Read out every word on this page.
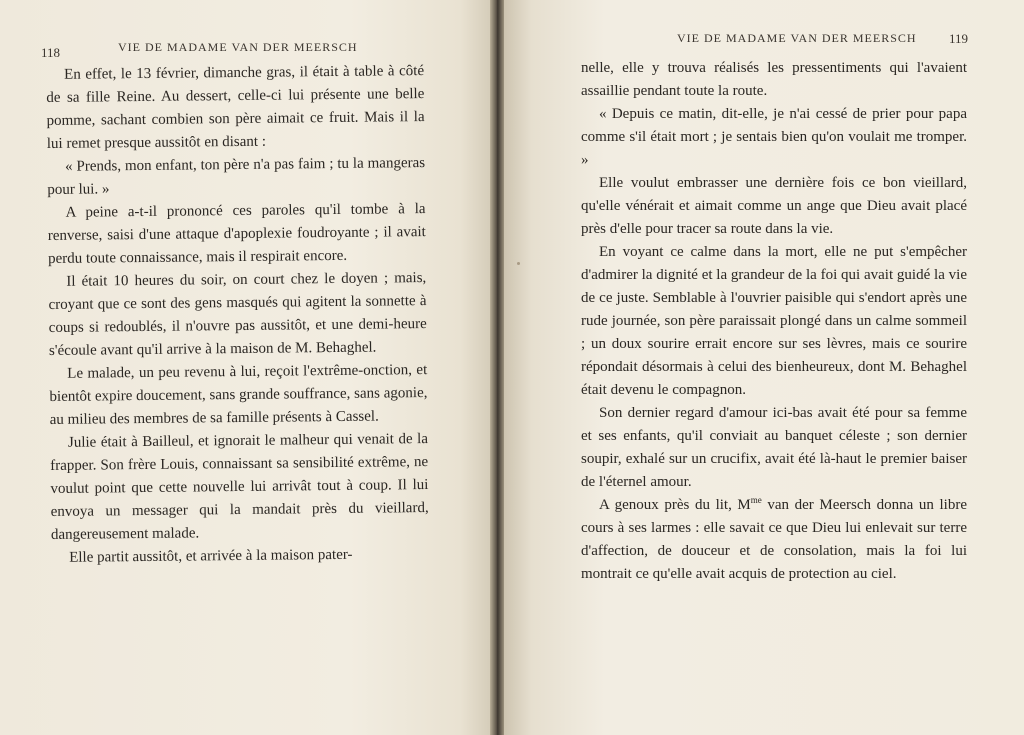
118	VIE DE MADAME VAN DER MEERSCH

En effet, le 13 février, dimanche gras, il était à table à côté de sa fille Reine. Au dessert, celle-ci lui présente une belle pomme, sachant combien son père aimait ce fruit. Mais il la lui remet presque aussitôt en disant :

« Prends, mon enfant, ton père n'a pas faim ; tu la mangeras pour lui. »

A peine a-t-il prononcé ces paroles qu'il tombe à la renverse, saisi d'une attaque d'apoplexie foudroyante ; il avait perdu toute connaissance, mais il respirait encore.

Il était 10 heures du soir, on court chez le doyen ; mais, croyant que ce sont des gens masqués qui agitent la sonnette à coups si redoublés, il n'ouvre pas aussitôt, et une demi-heure s'écoule avant qu'il arrive à la maison de M. Behaghel.

Le malade, un peu revenu à lui, reçoit l'extrême-onction, et bientôt expire doucement, sans grande souffrance, sans agonie, au milieu des membres de sa famille présents à Cassel.

Julie était à Bailleul, et ignorait le malheur qui venait de la frapper. Son frère Louis, connaissant sa sensibilité extrême, ne voulut point que cette nouvelle lui arrivât tout à coup. Il lui envoya un messager qui la mandait près du vieillard, dangereusement malade.

Elle partit aussitôt, et arrivée à la maison pater-

VIE DE MADAME VAN DER MEERSCH 119

nelle, elle y trouva réalisés les pressentiments qui l'avaient assaillie pendant toute la route.

« Depuis ce matin, dit-elle, je n'ai cessé de prier pour papa comme s'il était mort ; je sentais bien qu'on voulait me tromper. »

Elle voulut embrasser une dernière fois ce bon vieillard, qu'elle vénérait et aimait comme un ange que Dieu avait placé près d'elle pour tracer sa route dans la vie.

En voyant ce calme dans la mort, elle ne put s'empêcher d'admirer la dignité et la grandeur de la foi qui avait guidé la vie de ce juste. Semblable à l'ouvrier paisible qui s'endort après une rude journée, son père paraissait plongé dans un calme sommeil ; un doux sourire errait encore sur ses lèvres, mais ce sourire répondait désormais à celui des bienheureux, dont M. Behaghel était devenu le compagnon.

Son dernier regard d'amour ici-bas avait été pour sa femme et ses enfants, qu'il conviait au banquet céleste ; son dernier soupir, exhalé sur un crucifix, avait été là-haut le premier baiser de l'éternel amour.

A genoux près du lit, $M^{me}$ van der Meersch donna un libre cours à ses larmes : elle savait ce que Dieu lui enlevait sur terre d'affection, de douceur et de consolation, mais la foi lui montrait ce qu'elle avait acquis de protection au ciel.
